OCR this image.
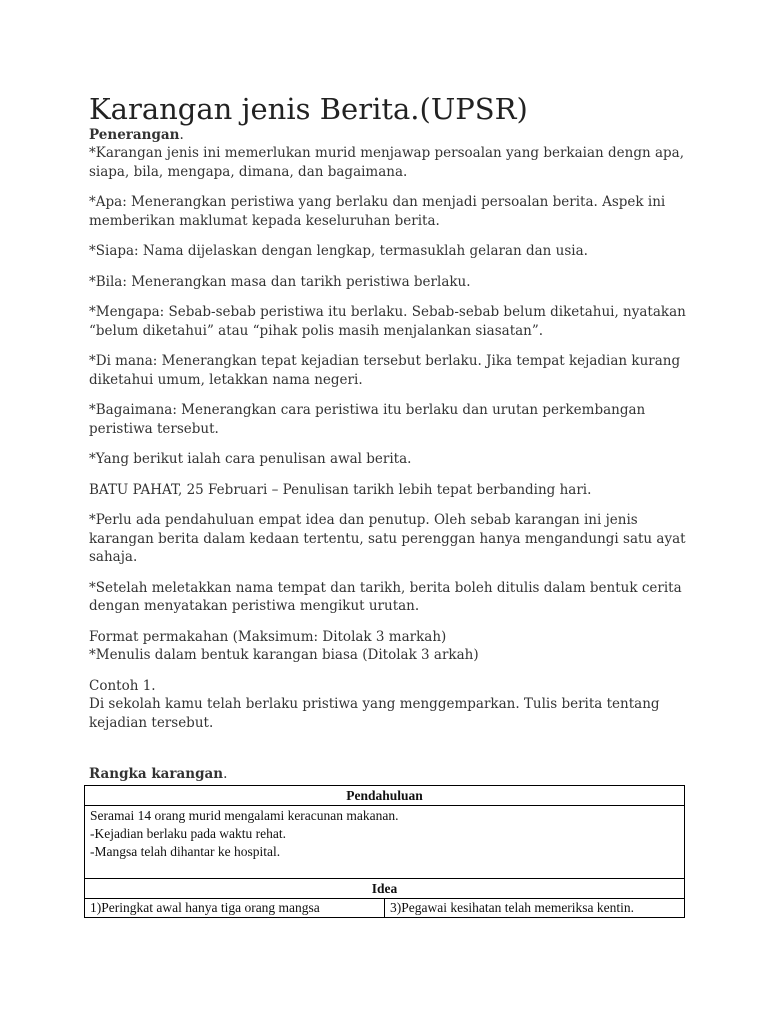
Karangan jenis Berita.(UPSR)

Penerangan.

*Karangan jenis ini memerlukan murid menjawap persoalan yang berkaian dengn apa, siapa, bila, mengapa, dimana, dan bagaimana.

*Apa: Menerangkan peristiwa yang berlaku dan menjadi persoalan berita. Aspek ini memberikan maklumat kepada keseluruhan berita.

*Siapa: Nama dijelaskan dengan lengkap, termasuklah gelaran dan usia.

*Bila: Menerangkan masa dan tarikh peristiwa berlaku.

*Mengapa: Sebab-sebab peristiwa itu berlaku. Sebab-sebab belum diketahui, nyatakan “belum diketahui” atau “pihak polis masih menjalankan siasatan”.

*Di mana: Menerangkan tepat kejadian tersebut berlaku. Jika tempat kejadian kurang diketahui umum, letakkan nama negeri.

*Bagaimana: Menerangkan cara peristiwa itu berlaku dan urutan perkembangan peristiwa tersebut.

*Yang berikut ialah cara penulisan awal berita.

BATU PAHAT, 25 Februari – Penulisan tarikh lebih tepat berbanding hari.

*Perlu ada pendahuluan empat idea dan penutup. Oleh sebab karangan ini jenis karangan berita dalam kedaan tertentu, satu perenggan hanya mengandungi satu ayat sahaja.

*Setelah meletakkan nama tempat dan tarikh, berita boleh ditulis dalam bentuk cerita dengan menyatakan peristiwa mengikut urutan.

Format permakahan (Maksimum: Ditolak 3 markah)

*Menulis dalam bentuk karangan biasa (Ditolak 3 arkah)

Contoh 1.

Di sekolah kamu telah berlaku pristiwa yang menggemparkan. Tulis berita tentang kejadian tersebut.

Rangka karangan.

Pendahuluan

Seramai 14 orang murid mengalami keracunan makanan.
-Kejadian berlaku pada waktu rehat.
-Mangsa telah dihantar ke hospital.

Idea
1)Peringkat awal hanya tiga orang mangsa	3)Pegawai kesihatan telah memeriksa kentin.
